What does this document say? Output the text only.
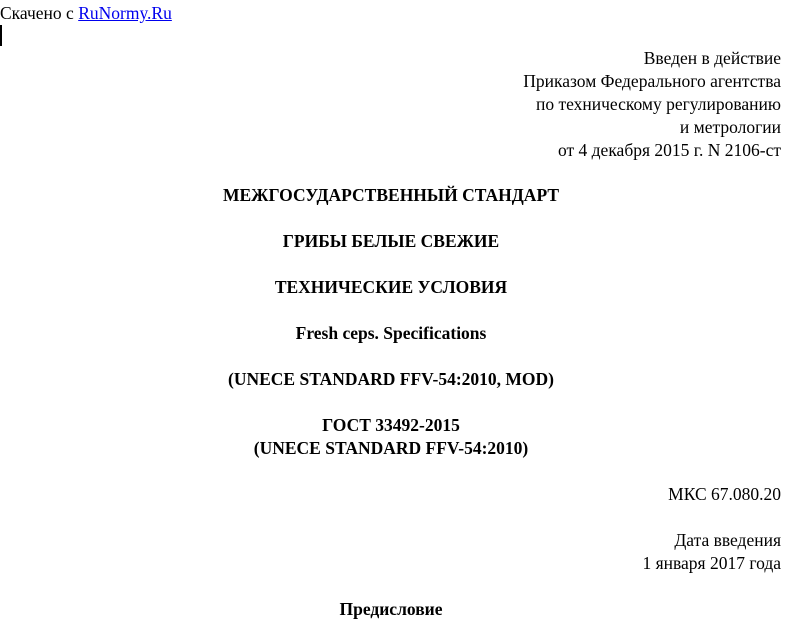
Скачено с RuNormy.Ru
Введен в действие
Приказом Федерального агентства
по техническому регулированию
и метрологии
от 4 декабря 2015 г. N 2106-ст
МЕЖГОСУДАРСТВЕННЫЙ СТАНДАРТ
ГРИБЫ БЕЛЫЕ СВЕЖИЕ
ТЕХНИЧЕСКИЕ УСЛОВИЯ
Fresh ceps. Specifications
(UNECE STANDARD FFV-54:2010, MOD)
ГОСТ 33492-2015
(UNECE STANDARD FFV-54:2010)
МКС 67.080.20
Дата введения
1 января 2017 года
Предисловие
